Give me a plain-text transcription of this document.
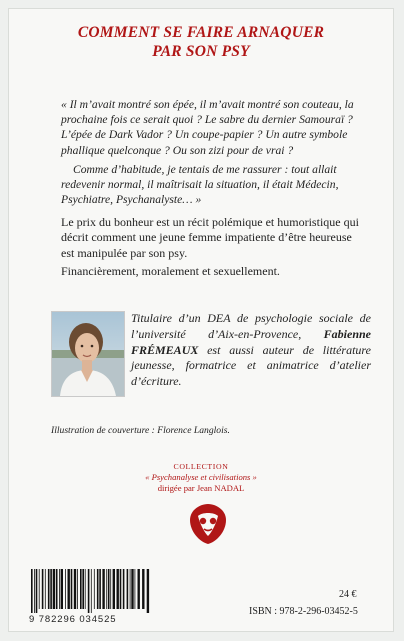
COMMENT SE FAIRE ARNAQUER
PAR SON PSY

« Il m’avait montré son épée, il m’avait montré son couteau, la prochaine fois ce serait quoi ? Le sabre du dernier Samouraï ? L’épée de Dark Vador ? Un coupe-papier ? Un autre symbole phallique quelconque ? Ou son zizi pour de vrai ?

Comme d’habitude, je tentais de me rassurer : tout allait redevenir normal, il maîtrisait la situation, il était Médecin, Psychiatre, Psychanalyste… »

Le prix du bonheur est un récit polémique et humoristique qui décrit comment une jeune femme impatiente d’être heureuse est manipulée par son psy.

Financièrement, moralement et sexuellement.

Titulaire d’un DEA de psychologie sociale de l’université d’Aix-en-Provence, Fabienne FRÉMEAUX est aussi auteur de littérature jeunesse, formatrice et animatrice d’atelier d’écriture.
Illustration de couverture : Florence Langlois.
COLLECTION
« Psychanalyse et civilisations »
dirigée par Jean NADAL
9 782296 034525
24 €
ISBN : 978-2-296-03452-5
